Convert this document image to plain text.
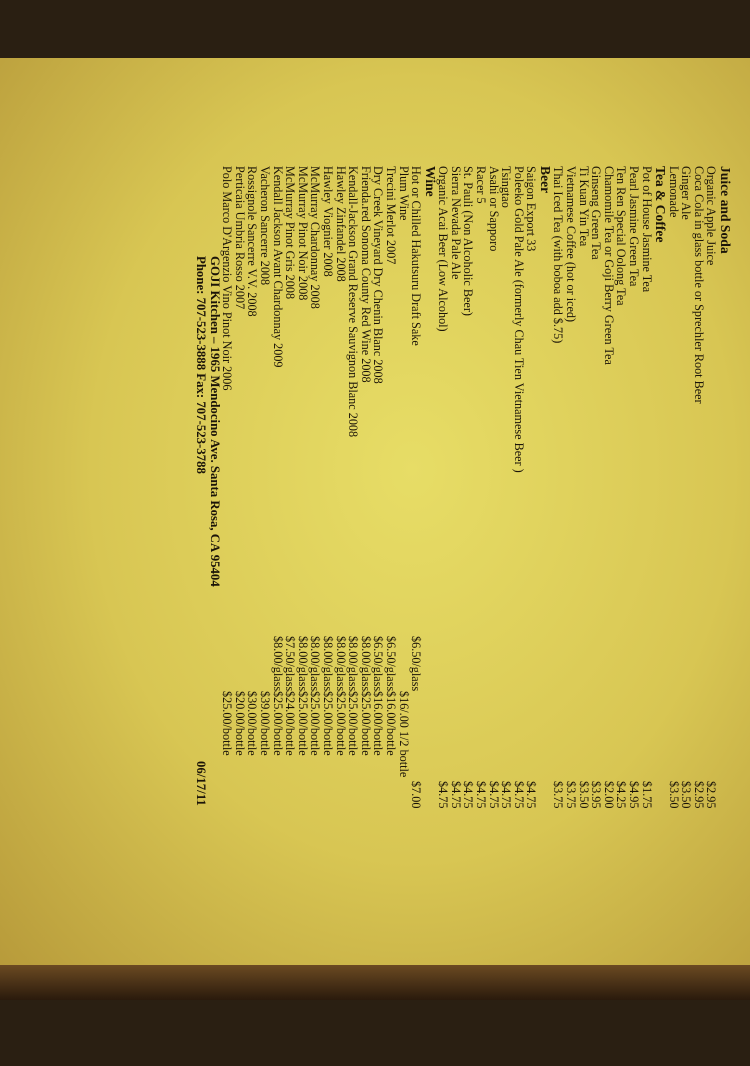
Juice and Soda
Organic Apple Juice
$2.95
Coca Cola in glass bottle or Sprechler Root Beer
$2.95
Ginger Ale
$3.50
Lemonade
$3.50
Tea & Coffee
Pot of House Jasmine Tea
$1.75
Pearl Jasmine Green Tea
$4.95
Ten Ren Special Oolong Tea
$4.25
Chamomile Tea or Goji Berry Green Tea
$2.00
Ginseng Green Tea
$3.95
Ti Kuan Yin Tea
$3.50
Vietnamese Coffee (hot or iced)
$3.75
Thai Iced Tea (with boboa add $.75)
$3.75
Beer
Saigon Export 33
$4.75
Poleeko Gold Pale Ale (formerly Chau Tien Vietnamese Beer )
$4.75
Tsingtao
$4.75
Asahi or Sapporo
$4.75
Racer 5
$4.75
St. Pauli (Non Alcoholic Beer)
$4.75
Sierra Nevada Pale Ale
$4.75
Organic Acai Beer (Low Alcohol)
$4.75
Wine
Hot or Chilled Hakutsuru Draft Sake
$6.50/glass
$7.00
Plum Wine
$16/.00 1/2 bottle
Trecini Merlot 2007
$6.50/glass
$16.00/bottle
Dry Creek Vineyard Dry Chenin Blanc 2008
$6.50/glass
$16.00/bottle
Frienda.red Sonoma County Red Wine 2008
$8.00/glass
$25.00/bottle
Kendall-Jackson Grand Reserve Sauvignon Blanc 2008
$8.00/glass
$25.00/bottle
Hawley Zinfandel 2008
$8.00/glass
$25.00/bottle
Hawley Viognier 2008
$8.00/glass
$25.00/bottle
McMurray Chardonnay 2008
$8.00/glass
$25.00/bottle
McMurray Pinot Noir 2008
$8.00/glass
$25.00/bottle
McMurray Pinot Gris 2008
$7.50/glass
$24.00/bottle
Kendall Jackson Avant Chardonnay 2009
$8.00/glass
$25.00/bottle
Vacheron Sancerre 2008
$39.00/bottle
Rossignole Sancerre V.V. 2008
$30.00/bottle
Perticaia Umbria Rosso 2007
$20.00/bottle
Polo Marco D'Argenzio Vino Pinot Noir 2006
$25.00/bottle
GOJI Kitchen – 1965 Mendocino Ave. Santa Rosa, CA 95404
Phone: 707-523-3888 Fax: 707-523-3788
06/17/11
